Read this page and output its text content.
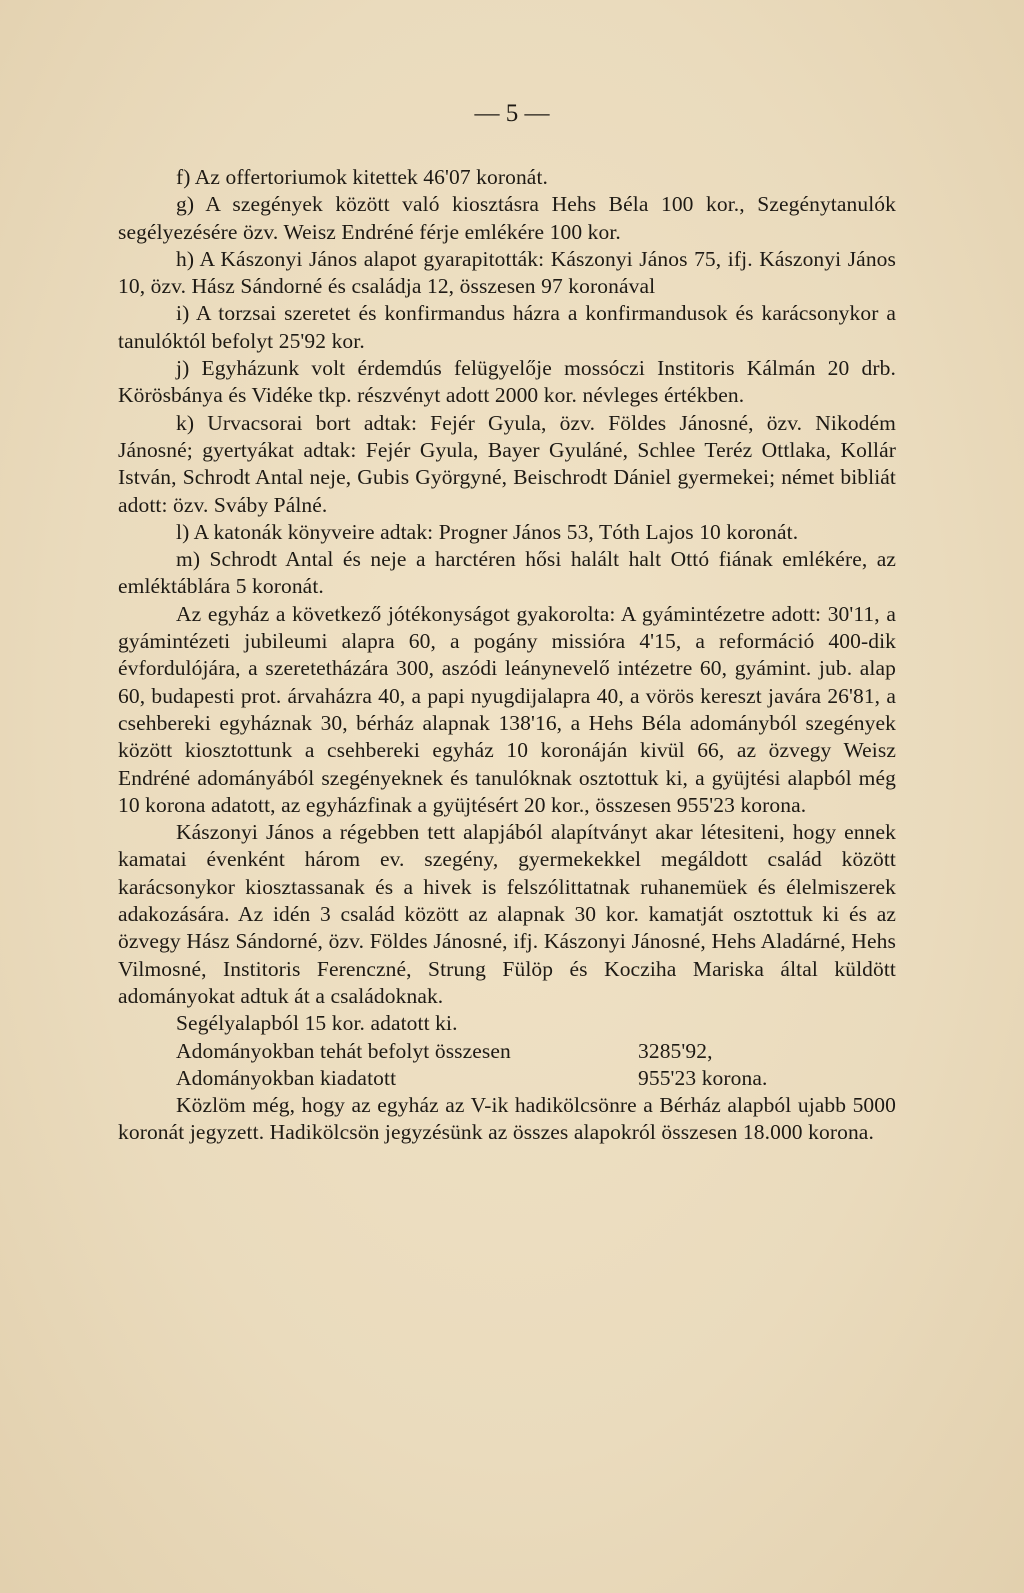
— 5 —

f) Az offertoriumok kitettek 46'07 koronát.

g) A szegények között való kiosztásra Hehs Béla 100 kor., Szegénytanulók segélyezésére özv. Weisz Endréné férje emlékére 100 kor.

h) A Kászonyi János alapot gyarapitották: Kászonyi János 75, ifj. Kászonyi János 10, özv. Hász Sándorné és családja 12, összesen 97 koronával

i) A torzsai szeretet és konfirmandus házra a konfirmandusok és karácsonykor a tanulóktól befolyt 25'92 kor.

j) Egyházunk volt érdemdús felügyelője mossóczi Institoris Kálmán 20 drb. Körösbánya és Vidéke tkp. részvényt adott 2000 kor. névleges értékben.

k) Urvacsorai bort adtak: Fejér Gyula, özv. Földes Jánosné, özv. Nikodém Jánosné; gyertyákat adtak: Fejér Gyula, Bayer Gyuláné, Schlee Teréz Ottlaka, Kollár István, Schrodt Antal neje, Gubis Györgyné, Beischrodt Dániel gyermekei; német bibliát adott: özv. Sváby Pálné.

l) A katonák könyveire adtak: Progner János 53, Tóth Lajos 10 koronát.

m) Schrodt Antal és neje a harctéren hősi halált halt Ottó fiának emlékére, az emléktáblára 5 koronát.

Az egyház a következő jótékonyságot gyakorolta: A gyámintézetre adott: 30'11, a gyámintézeti jubileumi alapra 60, a pogány missióra 4'15, a reformáció 400-dik évfordulójára, a szeretetházára 300, aszódi leánynevelő intézetre 60, gyámint. jub. alap 60, budapesti prot. árvaházra 40, a papi nyugdijalapra 40, a vörös kereszt javára 26'81, a csehbereki egyháznak 30, bérház alapnak 138'16, a Hehs Béla adományból szegények között kiosztottunk a csehbereki egyház 10 koronáján kivül 66, az özvegy Weisz Endréné adományából szegényeknek és tanulóknak osztottuk ki, a gyüjtési alapból még 10 korona adatott, az egyházfinak a gyüjtésért 20 kor., összesen 955'23 korona.

Kászonyi János a régebben tett alapjából alapítványt akar létesiteni, hogy ennek kamatai évenként három ev. szegény, gyermekekkel megáldott család között karácsonykor kiosztassanak és a hivek is felszólittatnak ruhanemüek és élelmiszerek adakozására. Az idén 3 család között az alapnak 30 kor. kamatját osztottuk ki és az özvegy Hász Sándorné, özv. Földes Jánosné, ifj. Kászonyi Jánosné, Hehs Aladárné, Hehs Vilmosné, Institoris Ferenczné, Strung Fülöp és Kocziha Mariska által küldött adományokat adtuk át a családoknak.

Segélyalapból 15 kor. adatott ki.

Adományokban tehát befolyt összesen	3285'92,

Adományokban kiadatott	955'23 korona.

Közlöm még, hogy az egyház az V-ik hadikölcsönre a Bérház alapból ujabb 5000 koronát jegyzett. Hadikölcsön jegyzésünk az összes alapokról összesen 18.000 korona.
